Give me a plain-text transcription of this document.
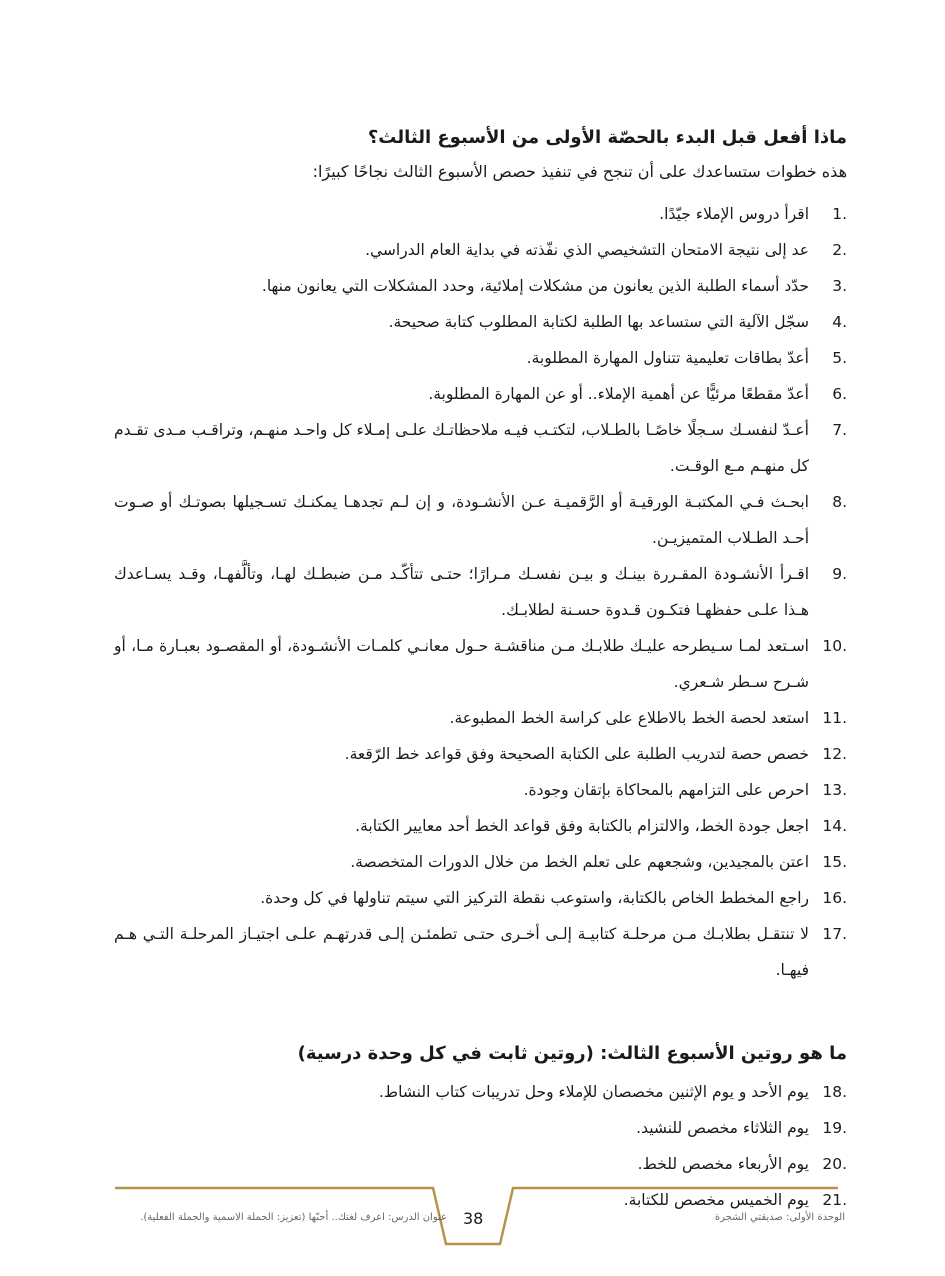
ماذا أفعل قبل البدء بالحصّة الأولى من الأسبوع الثالث؟
هذه خطوات ستساعدك على أن تنجح في تنفيذ حصص الأسبوع الثالث نجاحًا كبيرًا:
1.
اقرأ دروس الإملاء جيّدًا.
2.
عد إلى نتيجة الامتحان التشخيصي الذي نفّذته في بداية العام الدراسي.
3.
حدّد أسماء الطلبة الذين يعانون من مشكلات إملائية، وحدد المشكلات التي يعانون منها.
4.
سجّل الآلية التي ستساعد بها الطلبة لكتابة المطلوب كتابة صحيحة.
5.
أعدّ بطاقات تعليمية تتناول المهارة المطلوبة.
6.
أعدّ مقطعًا مرئيًّا عن أهمية الإملاء.. أو عن المهارة المطلوبة.
7.
أعـدّ لنفسـك سـجلًا خاصًـا بالطـلاب، لتكتـب فيـه ملاحظاتـك علـى إمـلاء كل واحـد منهـم، وتراقـب مـدى تقـدم كل منهـم مـع الوقـت.
8.
ابحـث فـي المكتبـة الورقيـة أو الرَّقميـة عـن الأنشـودة، و إن لـم تجدهـا يمكنـك تسـجيلها بصوتـك أو صـوت أحـد الطـلاب المتميزيـن.
9.
اقـرأ الأنشـودة المقـررة بينـك و بيـن نفسـك مـرارًا؛ حتـى تتأكّـد مـن ضبطـك لهـا، وتألَّفهـا، وقـد يسـاعدك هـذا علـى حفظهـا فتكـون قـدوة حسـنة لطلابـك.
10.
اسـتعد لمـا سـيطرحه عليـك طلابـك مـن مناقشـة حـول معانـي كلمـات الأنشـودة، أو المقصـود بعبـارة مـا، أو شـرح سـطر شـعري.
11.
استعد لحصة الخط بالاطلاع على كراسة الخط المطبوعة.
12.
خصص حصة لتدريب الطلبة على الكتابة الصحيحة وفق قواعد خط الرّقعة.
13.
احرص على التزامهم بالمحاكاة بإتقان وجودة.
14.
اجعل جودة الخط، والالتزام بالكتابة وفق قواعد الخط أحد معايير الكتابة.
15.
اعتن بالمجيدين، وشجعهم على تعلم الخط من خلال الدورات المتخصصة.
16.
راجع المخطط الخاص بالكتابة، واستوعب نقطة التركيز التي سيتم تناولها في كل وحدة.
17.
لا تنتقـل بطلابـك مـن مرحلـة كتابيـة إلـى أخـرى حتـى تطمئـن إلـى قدرتهـم علـى اجتيـاز المرحلـة التـي هـم فيهـا.
ما هو روتين الأسبوع الثالث: (روتين ثابت في كل وحدة درسية)
18.
يوم الأحد و يوم الإثنين مخصصان للإملاء وحل تدريبات كتاب النشاط.
19.
يوم الثلاثاء مخصص للنشيد.
20.
يوم الأربعاء مخصص للخط.
21.
يوم الخميس مخصص للكتابة.
38
عنوان الدرس: اعرف لغتك.. أحبّها (تعزيز: الجملة الاسمية والجملة الفعلية).	الوحدة الأولى: صديقتي الشجرة
